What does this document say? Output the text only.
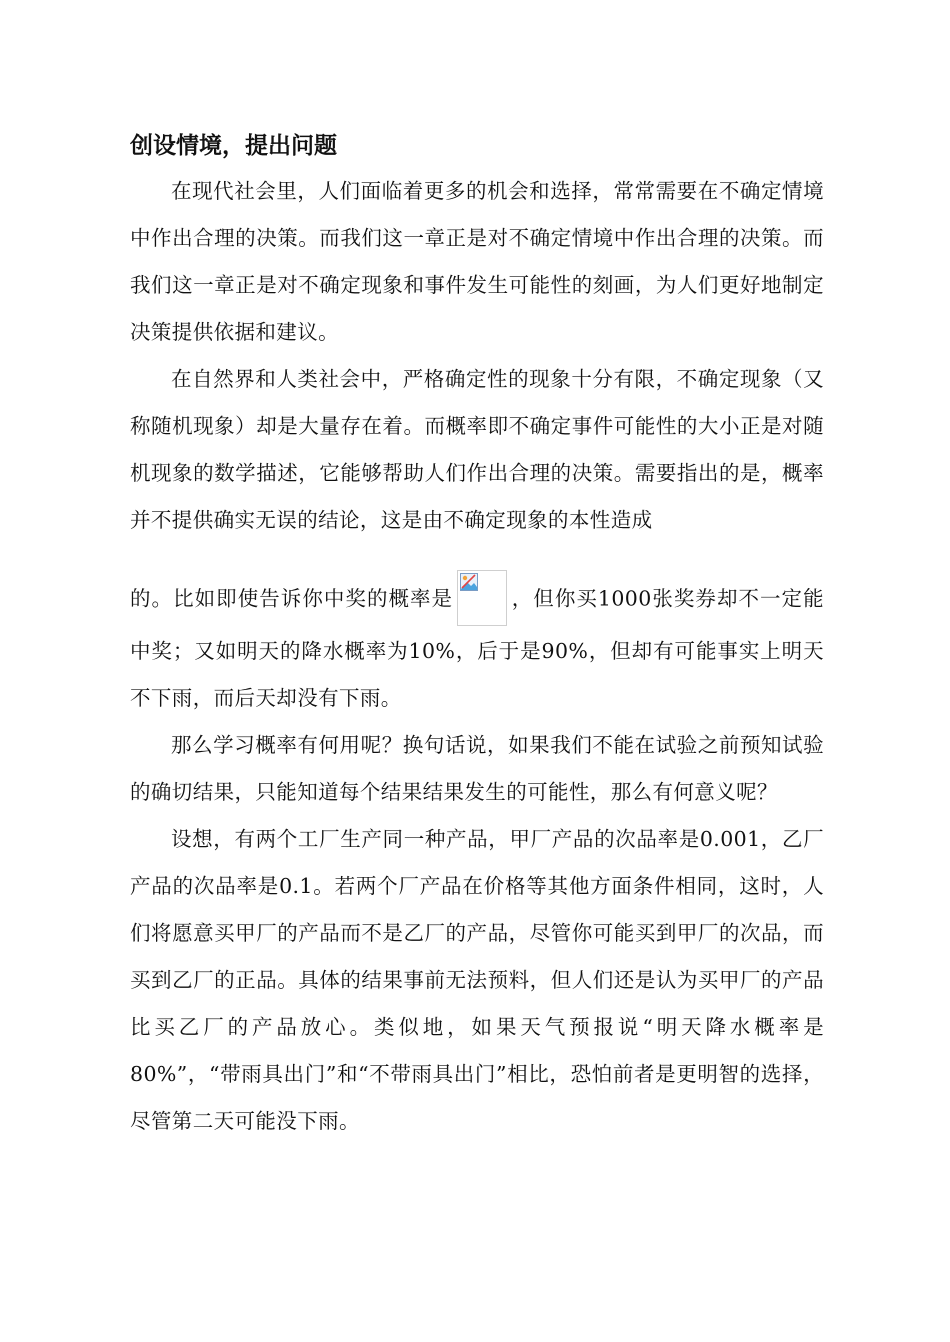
创设情境，提出问题

在现代社会里，人们面临着更多的机会和选择，常常需要在不确定情境中作出合理的决策。而我们这一章正是对不确定情境中作出合理的决策。而我们这一章正是对不确定现象和事件发生可能性的刻画，为人们更好地制定决策提供依据和建议。

在自然界和人类社会中，严格确定性的现象十分有限，不确定现象（又称随机现象）却是大量存在着。而概率即不确定事件可能性的大小正是对随机现象的数学描述，它能够帮助人们作出合理的决策。需要指出的是，概率并不提供确实无误的结论，这是由不确定现象的本性造成
的。比如即使告诉你中奖的概率是	，但你买1000张奖券却不一定能中奖；又如明天的降水概率为10%，后于是90%，但却有可能事实上明天不下雨，而后天却没有下雨。

那么学习概率有何用呢？换句话说，如果我们不能在试验之前预知试验的确切结果，只能知道每个结果结果发生的可能性，那么有何意义呢？

设想，有两个工厂生产同一种产品，甲厂产品的次品率是0.001，乙厂产品的次品率是0.1。若两个厂产品在价格等其他方面条件相同，这时，人们将愿意买甲厂的产品而不是乙厂的产品，尽管你可能买到甲厂的次品，而买到乙厂的正品。具体的结果事前无法预料，但人们还是认为买甲厂的产品比买乙厂的产品放心。类似地，如果天气预报说“明天降水概率是80%”，“带雨具出门”和“不带雨具出门”相比，恐怕前者是更明智的选择，尽管第二天可能没下雨。
